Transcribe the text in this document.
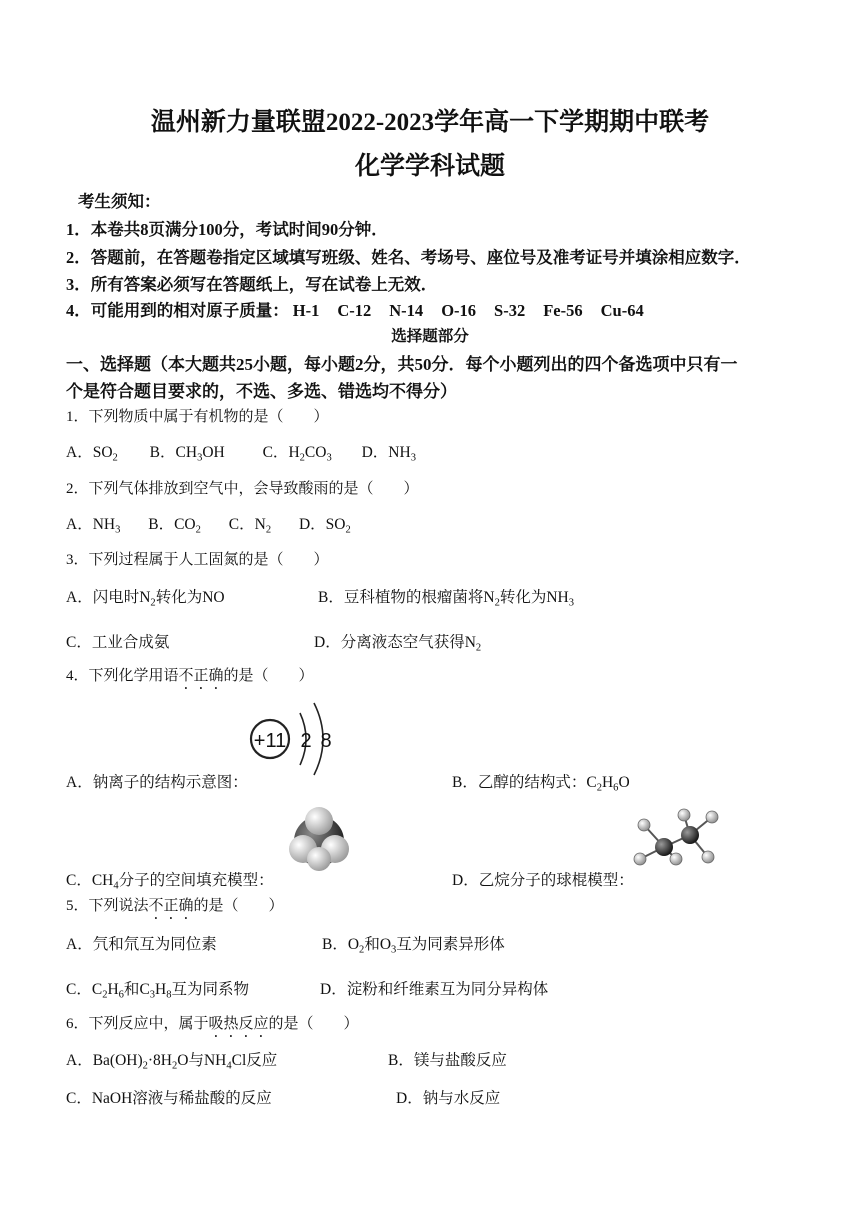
温州新力量联盟2022-2023学年高一下学期期中联考
化学学科试题
考生须知：
1．本卷共8页满分100分，考试时间90分钟．
2．答题前，在答题卷指定区域填写班级、姓名、考场号、座位号及准考证号并填涂相应数字．
3．所有答案必须写在答题纸上，写在试卷上无效．
4．可能用到的相对原子质量： H-1 C-12 N-14 O-16 S-32 Fe-56 Cu-64
选择题部分
一、选择题（本大题共25小题，每小题2分，共50分．每个小题列出的四个备选项中只有一
个是符合题目要求的，不选、多选、错选均不得分）
1．下列物质中属于有机物的是（　　）
A．$SO_2$ B．$CH_3OH$ C．$H_2CO_3$ D．$NH_3$
2．下列气体排放到空气中，会导致酸雨的是（　　）
A．$NH_3$ B．$CO_2$ C．$N_2$ D．$SO_2$
3．下列过程属于人工固氮的是（　　）
A．闪电时$N_2$转化为NO	B．豆科植物的根瘤菌将$N_2$转化为$NH_3$
C．工业合成氨	D．分离液态空气获得$N_2$
4．下列化学用语不正确的是（　　）
+11 2 8
A．钠离子的结构示意图：	B．乙醇的结构式：$C_2H_6O$
C．$CH_4$分子的空间填充模型：	D．乙烷分子的球棍模型：
5．下列说法不正确的是（　　）
A．氕和氘互为同位素	B．$O_2$和$O_3$互为同素异形体
C．$C_2H_6$和$C_3H_8$互为同系物	D．淀粉和纤维素互为同分异构体
6．下列反应中，属于吸热反应的是（　　）
A．$Ba(OH)_2\cdot 8H_2O$与$NH_4Cl$反应	B．镁与盐酸反应
C．NaOH溶液与稀盐酸的反应	D．钠与水反应
